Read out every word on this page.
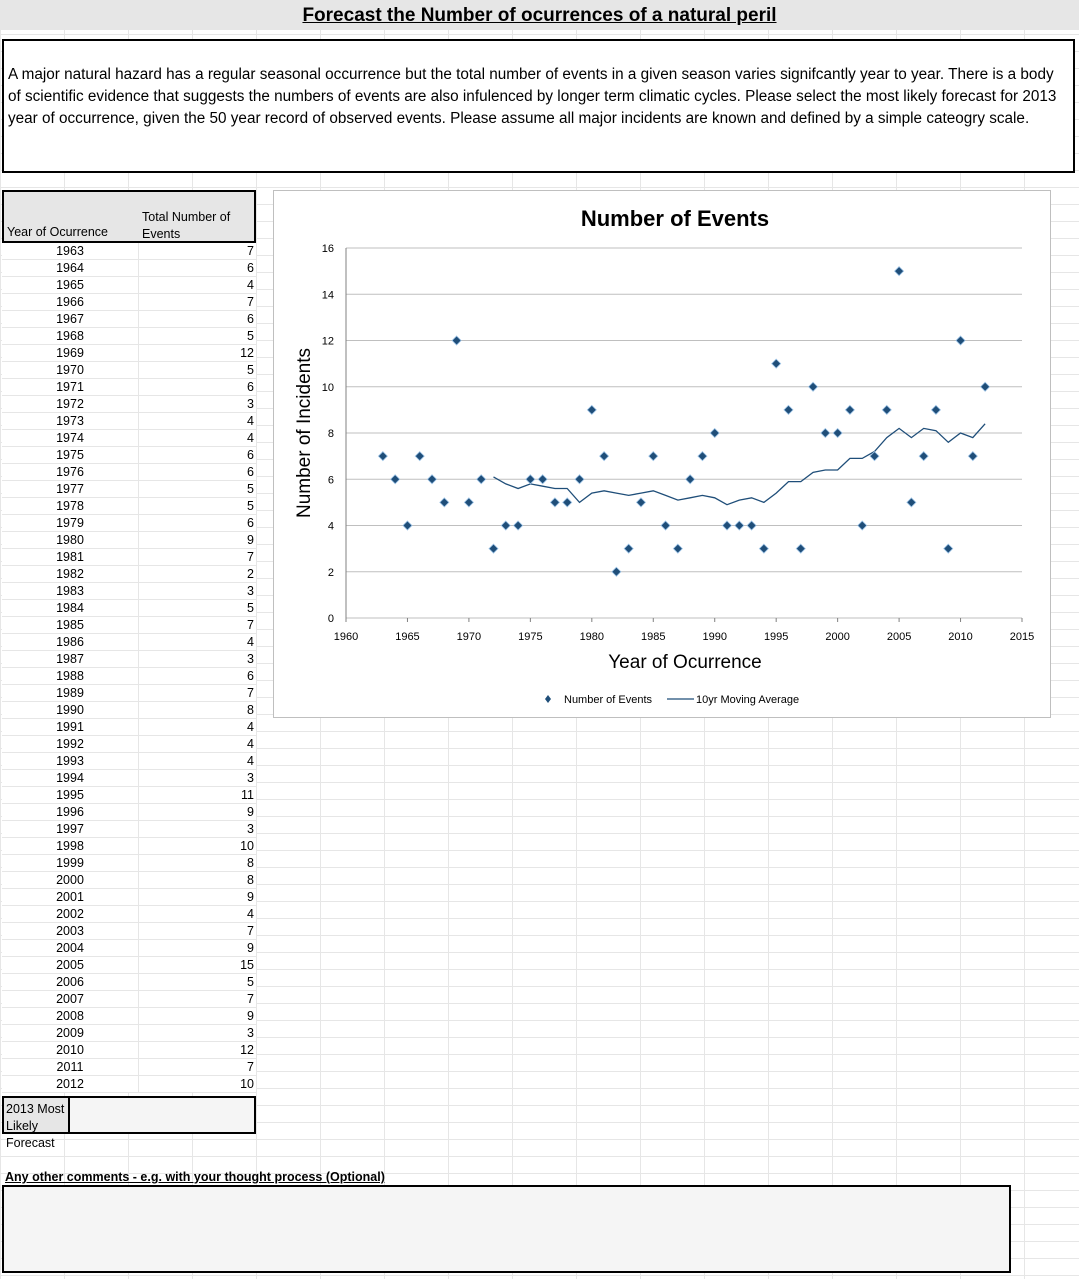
Forecast the Number of ocurrences of a natural peril
A major natural hazard has a regular seasonal occurrence but the total number of events in a given season varies signifcantly year to year. There is a body of scientific evidence that suggests the numbers of events are also infulenced by longer term climatic cycles. Please select the most likely forecast for 2013 year of occurrence, given the 50 year record of observed events. Please assume all major incidents are known and defined by a simple cateogry scale.
Year of Ocurrence
Total Number of
Events
1963	7
1964	6
1965	4
1966	7
1967	6
1968	5
1969	12
1970	5
1971	6
1972	3
1973	4
1974	4
1975	6
1976	6
1977	5
1978	5
1979	6
1980	9
1981	7
1982	2
1983	3
1984	5
1985	7
1986	4
1987	3
1988	6
1989	7
1990	8
1991	4
1992	4
1993	4
1994	3
1995	11
1996	9
1997	3
1998	10
1999	8
2000	8
2001	9
2002	4
2003	7
2004	9
2005	15
2006	5
2007	7
2008	9
2009	3
2010	12
2011	7
2012	10
2013 Most Likely
Forecast
Any other comments - e.g. with your thought process (Optional)
Number of Events
0
2
4
6
8
10
12
14
16
1960	1965	1970	1975	1980	1985	1990	1995	2000	2005	2010	2015
Year of Ocurrence
Number of Incidents
Number of Events	10yr Moving Average
